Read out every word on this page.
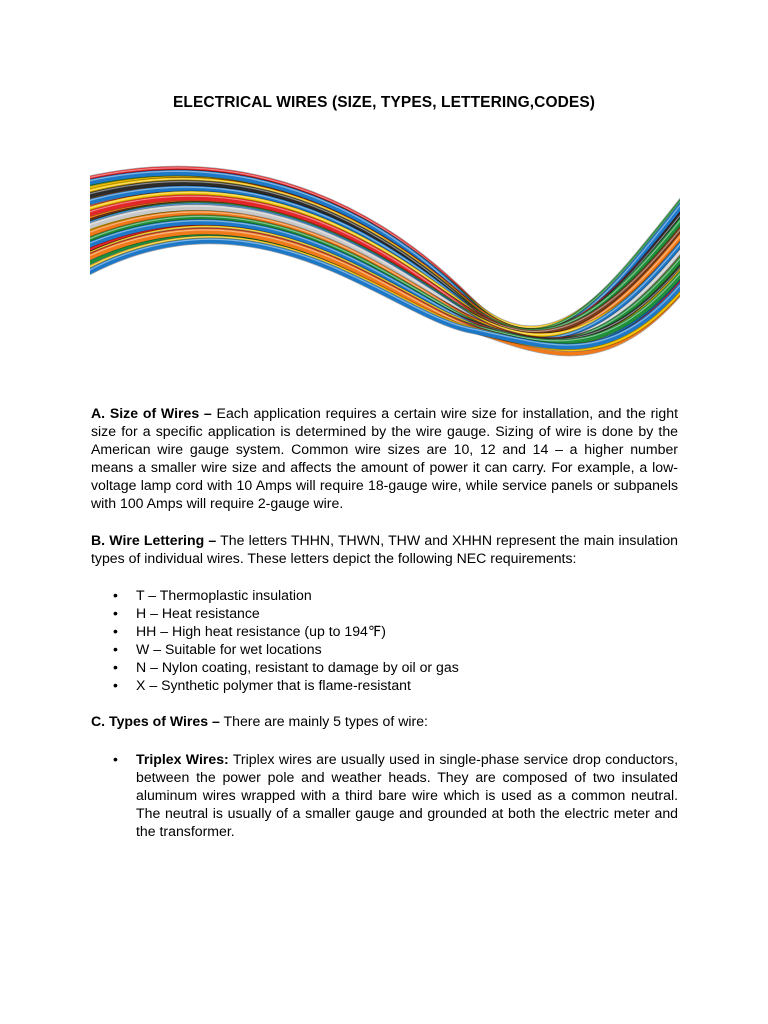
ELECTRICAL WIRES (SIZE, TYPES, LETTERING,CODES)

A. Size of Wires – Each application requires a certain wire size for installation, and the right size for a specific application is determined by the wire gauge. Sizing of wire is done by the American wire gauge system. Common wire sizes are 10, 12 and 14 – a higher number means a smaller wire size and affects the amount of power it can carry. For example, a low-voltage lamp cord with 10 Amps will require 18-gauge wire, while service panels or subpanels with 100 Amps will require 2-gauge wire.

B. Wire Lettering – The letters THHN, THWN, THW and XHHN represent the main insulation types of individual wires. These letters depict the following NEC requirements:

• T – Thermoplastic insulation
• H – Heat resistance
• HH – High heat resistance (up to 194℉)
• W – Suitable for wet locations
• N – Nylon coating, resistant to damage by oil or gas
• X – Synthetic polymer that is flame-resistant

C. Types of Wires – There are mainly 5 types of wire:

• Triplex Wires: Triplex wires are usually used in single-phase service drop conductors, between the power pole and weather heads. They are composed of two insulated aluminum wires wrapped with a third bare wire which is used as a common neutral. The neutral is usually of a smaller gauge and grounded at both the electric meter and the transformer.
